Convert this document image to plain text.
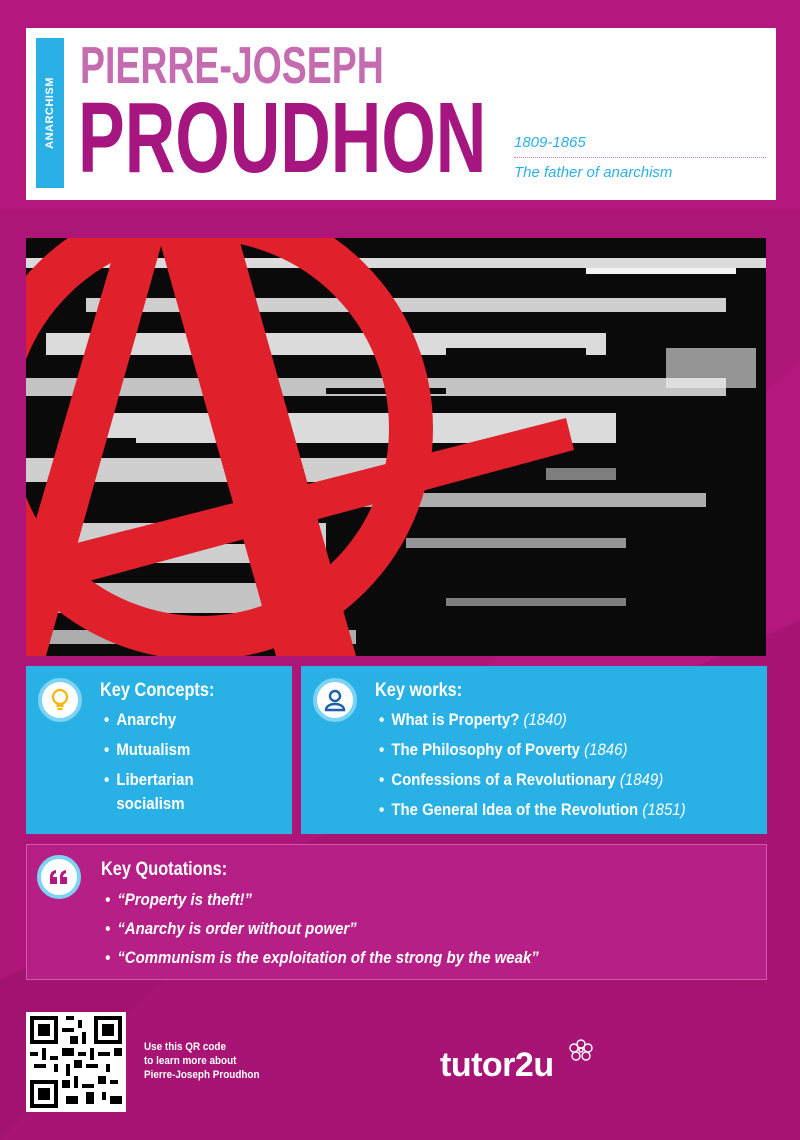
ANARCHISM
PIERRE-JOSEPH
PROUDHON 1809-1865
The father of anarchism
Key Concepts:
• Anarchy
• Mutualism
• Libertarian
socialism
Key works:
• What is Property? (1840)
• The Philosophy of Poverty (1846)
• Confessions of a Revolutionary (1849)
• The General Idea of the Revolution (1851)
Key Quotations:
• “Property is theft!”
• “Anarchy is order without power”
• “Communism is the exploitation of the strong by the weak”
Use this QR code
to learn more about
Pierre-Joseph Proudhon	tutor2u
